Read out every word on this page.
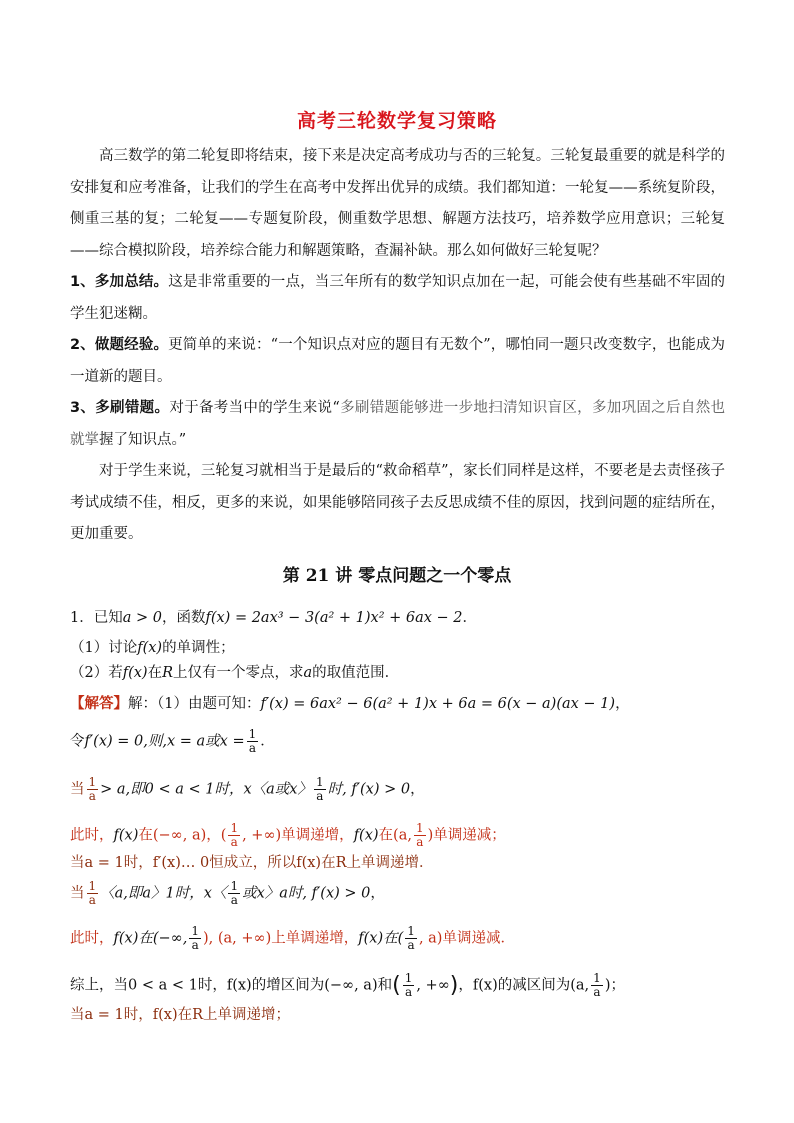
高考三轮数学复习策略
高三数学的第二轮复即将结束，接下来是决定高考成功与否的三轮复。三轮复最重要的就是科学的安排复和应考准备，让我们的学生在高考中发挥出优异的成绩。我们都知道：一轮复——系统复阶段，侧重三基的复；二轮复——专题复阶段，侧重数学思想、解题方法技巧，培养数学应用意识；三轮复——综合模拟阶段，培养综合能力和解题策略，查漏补缺。那么如何做好三轮复呢？
1、多加总结。这是非常重要的一点，当三年所有的数学知识点加在一起，可能会使有些基础不牢固的学生犯迷糊。
2、做题经验。更简单的来说：“一个知识点对应的题目有无数个”，哪怕同一题只改变数字，也能成为一道新的题目。
3、多刷错题。对于备考当中的学生来说“多刷错题能够进一步地扫清知识盲区，多加巩固之后自然也就掌握了知识点。”
对于学生来说，三轮复习就相当于是最后的“救命稻草”，家长们同样是这样，不要老是去责怪孩子考试成绩不佳，相反，更多的来说，如果能够陪同孩子去反思成绩不佳的原因，找到问题的症结所在，更加重要。
第 21 讲 零点问题之一个零点
1．已知a > 0，函数f(x) = 2ax³ − 3(a² + 1)x² + 6ax − 2．
（1）讨论f(x)的单调性；
（2）若f(x)在R上仅有一个零点，求a的取值范围．
【解答】解：（1）由题可知：f′(x) = 6ax² − 6(a² + 1)x + 6a = 6(x − a)(ax − 1)，
令f′(x) = 0,则,x = a或$x = \frac{1}{a}$ ．
当 $\frac{1}{a} > a$,即0 < a < 1时，x〈a或x〉 $\frac{1}{a}$ 时, f′(x) > 0，
此时，f(x)在(−∞, a)，( $\frac{1}{a}$ , +∞)单调递增，f(x)在(a, $\frac{1}{a}$ )单调递减；
当a = 1时，f′(x)… 0恒成立，所以f(x)在R上单调递增．
当 $\frac{1}{a}$ 〈a,即a〉1时，x〈 $\frac{1}{a}$ 或x〉a时, f′(x) > 0，
此时，f(x)在(−∞, $\frac{1}{a}$ ), (a, +∞)上单调递增，f(x)在( $\frac{1}{a}$ , a)单调递减．
综上，当0 < a < 1时，f(x)的增区间为(−∞, a)和( $\frac{1}{a}$ , +∞)，f(x)的减区间为(a, $\frac{1}{a}$ )；
当a = 1时，f(x)在R上单调递增；
